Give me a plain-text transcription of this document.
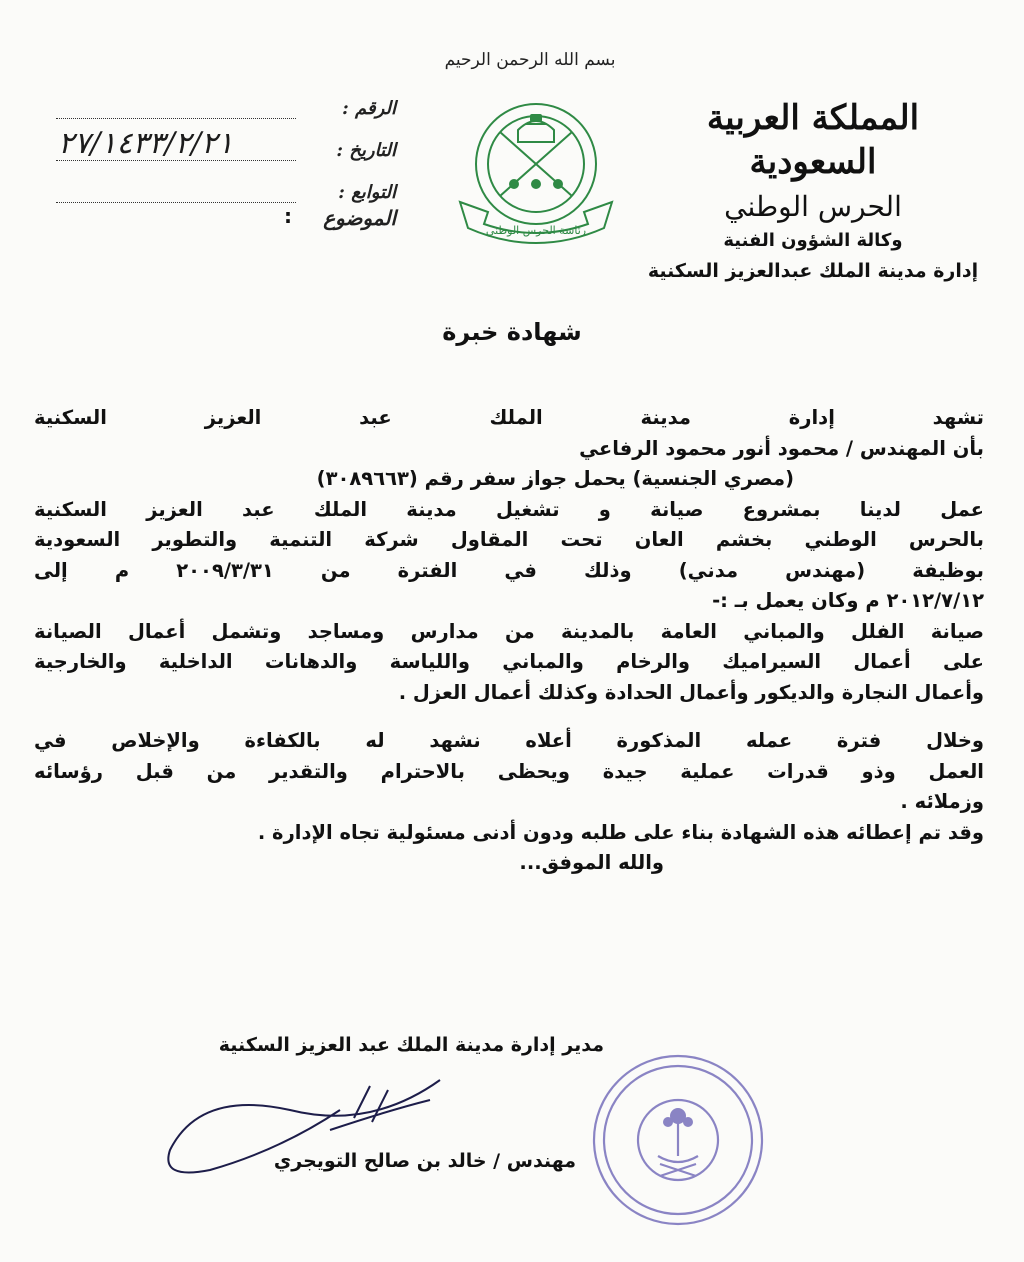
بسم الله الرحمن الرحيم
المملكة العربية السعودية
الحرس الوطني
وكالة الشؤون الفنية
إدارة مدينة الملك عبدالعزيز السكنية
رئاسة الحرس الوطني
الرقم :
التاريخ :
٢٧/١٤٣٣/٢/٢١
التوابع :
الموضوع
:
شهادة خبرة
تشهد إدارة مدينة الملك عبد العزيز السكنية
بأن المهندس / محمود أنور محمود الرفاعي
(مصري الجنسية) يحمل جواز سفر رقم (٣٠٨٩٦٦٣)
عمل لدينا بمشروع صيانة و تشغيل مدينة الملك عبد العزيز السكنية
بالحرس الوطني بخشم العان تحت المقاول شركة التنمية والتطوير السعودية
بوظيفة (مهندس مدني) وذلك في الفترة من ٢٠٠٩/٣/٣١ م إلى
٢٠١٢/٧/١٢ م وكان يعمل بـ :-
صيانة الفلل والمباني العامة بالمدينة من مدارس ومساجد وتشمل أعمال الصيانة
على أعمال السيراميك والرخام والمباني واللياسة والدهانات الداخلية والخارجية
وأعمال النجارة والديكور وأعمال الحدادة وكذلك أعمال العزل .
وخلال فترة عمله المذكورة أعلاه نشهد له بالكفاءة والإخلاص في
العمل وذو قدرات عملية جيدة ويحظى بالاحترام والتقدير من قبل رؤسائه
وزملائه .
وقد تم إعطائه هذه الشهادة بناء على طلبه ودون أدنى مسئولية تجاه الإدارة .
والله الموفق...
مدير إدارة مدينة الملك عبد العزيز السكنية
مهندس / خالد بن صالح التويجري
